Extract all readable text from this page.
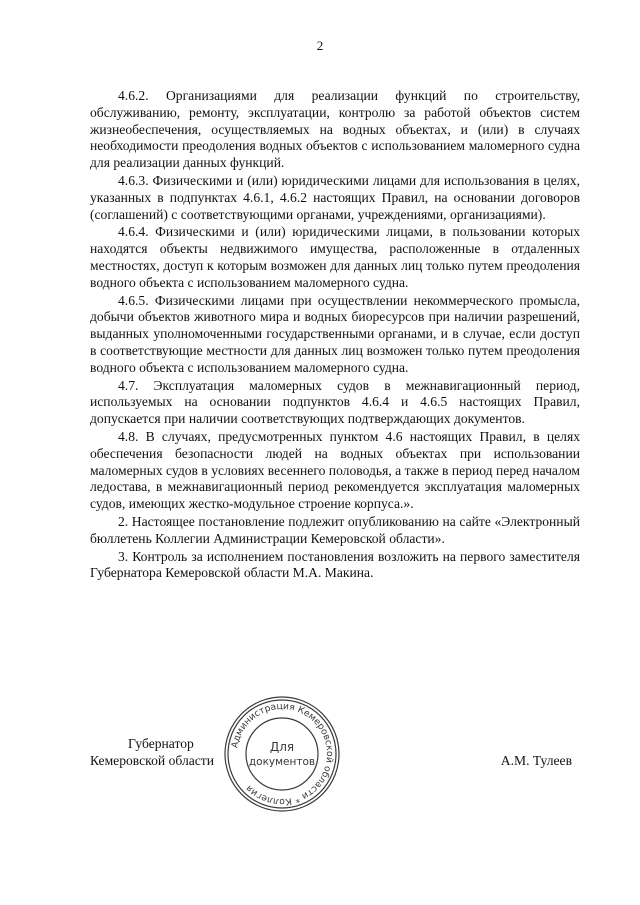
2

4.6.2. Организациями для реализации функций по строительству, обслуживанию, ремонту, эксплуатации, контролю за работой объектов систем жизнеобеспечения, осуществляемых на водных объектах, и (или) в случаях необходимости преодоления водных объектов с использованием маломерного судна для реализации данных функций.

4.6.3. Физическими и (или) юридическими лицами для использования в целях, указанных в подпунктах 4.6.1, 4.6.2 настоящих Правил, на основании договоров (соглашений) с соответствующими органами, учреждениями, организациями).

4.6.4. Физическими и (или) юридическими лицами, в пользовании которых находятся объекты недвижимого имущества, расположенные в отдаленных местностях, доступ к которым возможен для данных лиц только путем преодоления водного объекта с использованием маломерного судна.

4.6.5. Физическими лицами при осуществлении некоммерческого промысла, добычи объектов животного мира и водных биоресурсов при наличии разрешений, выданных уполномоченными государственными органами, и в случае, если доступ в соответствующие местности для данных лиц возможен только путем преодоления водного объекта с использованием маломерного судна.

4.7. Эксплуатация маломерных судов в межнавигационный период, используемых на основании подпунктов 4.6.4 и 4.6.5 настоящих Правил, допускается при наличии соответствующих подтверждающих документов.

4.8. В случаях, предусмотренных пунктом 4.6 настоящих Правил, в целях обеспечения безопасности людей на водных объектах при использовании маломерных судов в условиях весеннего половодья, а также в период перед началом ледостава, в межнавигационный период рекомендуется эксплуатация маломерных судов, имеющих жестко-модульное строение корпуса.».

2. Настоящее постановление подлежит опубликованию на сайте «Электронный бюллетень Коллегии Администрации Кемеровской области».

3. Контроль за исполнением постановления возложить на первого заместителя Губернатора Кемеровской области М.А. Макина.

Губернатор
Кемеровской области	А.М. Тулеев
Администрация Кемеровской области * Коллегия
Для
документов
